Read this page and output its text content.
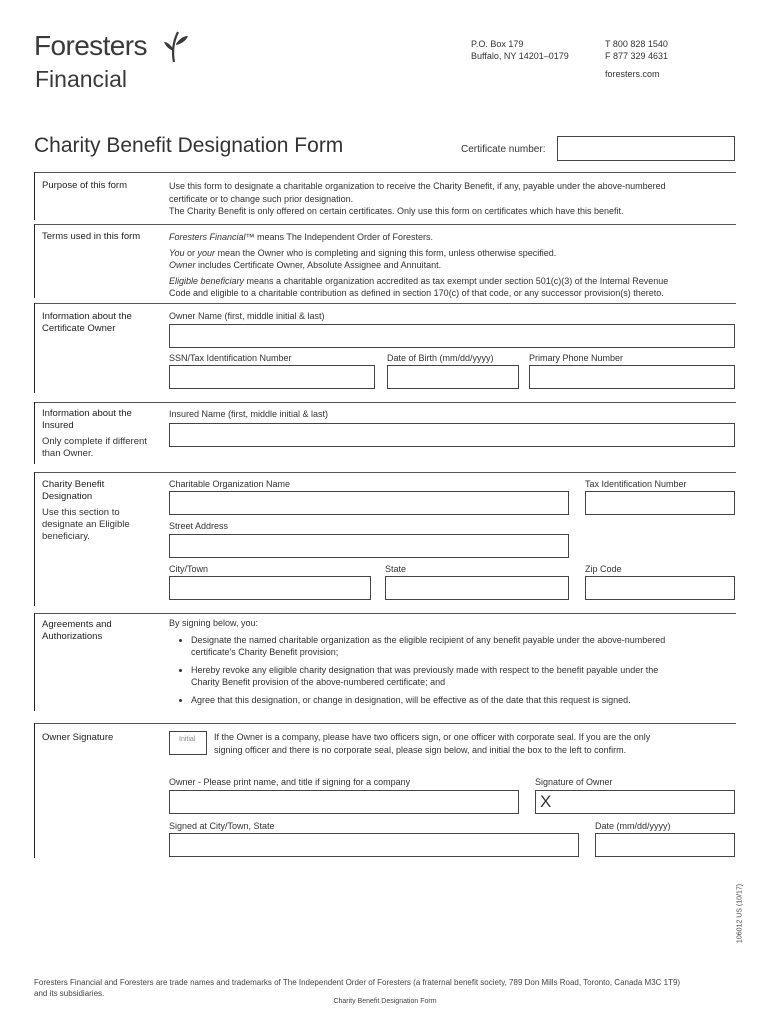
Foresters
Financial
P.O. Box 179
Buffalo, NY 14201–0179
T 800 828 1540
F 877 329 4631
foresters.com
Charity Benefit Designation Form	Certificate number:
Purpose of this form	Use this form to designate a charitable organization to receive the Charity Benefit, if any, payable under the above-numbered

certificate or to change such prior designation.

The Charity Benefit is only offered on certain certificates. Only use this form on certificates which have this benefit.

Terms used in this form	Foresters Financial™ means The Independent Order of Foresters.

You or your mean the Owner who is completing and signing this form, unless otherwise specified.

Owner includes Certificate Owner, Absolute Assignee and Annuitant.

Eligible beneficiary means a charitable organization accredited as tax exempt under section 501(c)(3) of the Internal Revenue

Code and eligible to a charitable contribution as defined in section 170(c) of that code, or any successor provision(s) thereto.

Information about the Certificate Owner
Owner Name (first, middle initial & last)
SSN/Tax Identification Number	Date of Birth (mm/dd/yyyy)	Primary Phone Number
Information about the Insured
Only complete if different than Owner.
Insured Name (first, middle initial & last)
Charity Benefit Designation
Use this section to designate an Eligible beneficiary.
Charitable Organization Name	Tax Identification Number
Street Address
City/Town	State	Zip Code
Agreements and Authorizations

By signing below, you:

• Designate the named charitable organization as the eligible recipient of any benefit payable under the above-numbered
certificate's Charity Benefit provision;
• Hereby revoke any eligible charity designation that was previously made with respect to the benefit payable under the
Charity Benefit provision of the above-numbered certificate; and
• Agree that this designation, or change in designation, will be effective as of the date that this request is signed.
Owner Signature	Initial If the Owner is a company, please have two officers sign, or one officer with corporate seal. If you are the only

signing officer and there is no corporate seal, please sign below, and initial the box to the left to confirm.

Owner - Please print name, and title if signing for a company	Signature of Owner
X
Signed at City/Town, State	Date (mm/dd/yyyy)
106012 US (10/17)
Foresters Financial and Foresters are trade names and trademarks of The Independent Order of Foresters (a fraternal benefit society, 789 Don Mills Road, Toronto, Canada M3C 1T9)
and its subsidiaries.
Charity Benefit Designation Form
